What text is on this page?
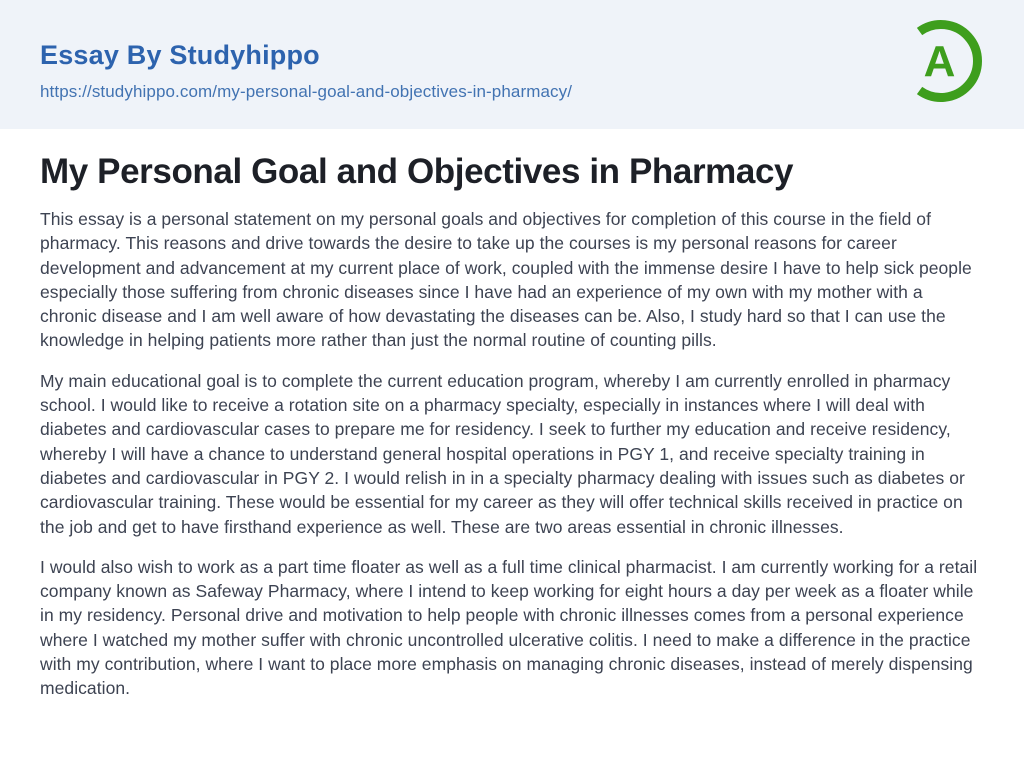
Essay By Studyhippo
https://studyhippo.com/my-personal-goal-and-objectives-in-pharmacy/
A
My Personal Goal and Objectives in Pharmacy

This essay is a personal statement on my personal goals and objectives for completion of this course in the field of pharmacy. This reasons and drive towards the desire to take up the courses is my personal reasons for career development and advancement at my current place of work, coupled with the immense desire I have to help sick people especially those suffering from chronic diseases since I have had an experience of my own with my mother with a chronic disease and I am well aware of how devastating the diseases can be. Also, I study hard so that I can use the knowledge in helping patients more rather than just the normal routine of counting pills.

My main educational goal is to complete the current education program, whereby I am currently enrolled in pharmacy school. I would like to receive a rotation site on a pharmacy specialty, especially in instances where I will deal with diabetes and cardiovascular cases to prepare me for residency. I seek to further my education and receive residency, whereby I will have a chance to understand general hospital operations in PGY 1, and receive specialty training in diabetes and cardiovascular in PGY 2. I would relish in in a specialty pharmacy dealing with issues such as diabetes or cardiovascular training. These would be essential for my career as they will offer technical skills received in practice on the job and get to have firsthand experience as well. These are two areas essential in chronic illnesses.

I would also wish to work as a part time floater as well as a full time clinical pharmacist. I am currently working for a retail company known as Safeway Pharmacy, where I intend to keep working for eight hours a day per week as a floater while in my residency. Personal drive and motivation to help people with chronic illnesses comes from a personal experience where I watched my mother suffer with chronic uncontrolled ulcerative colitis. I need to make a difference in the practice with my contribution, where I want to place more emphasis on managing chronic diseases, instead of merely dispensing medication.
